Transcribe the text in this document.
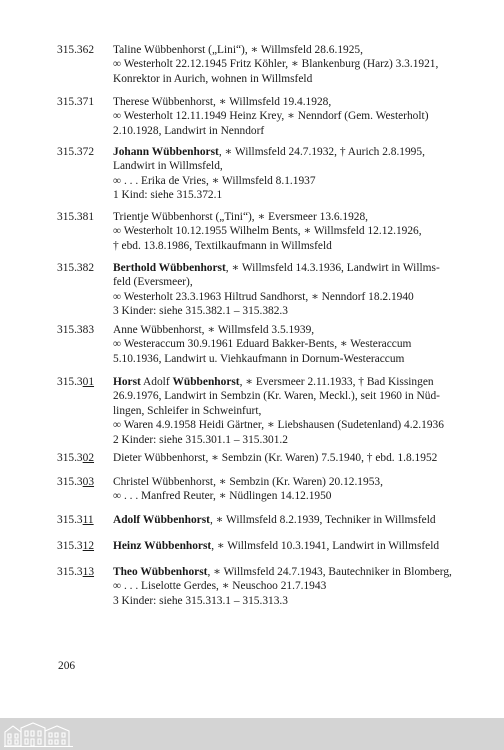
315.362	Taline Wübbenhorst („Lini“), ∗ Willmsfeld 28.6.1925,
∞ Westerholt 22.12.1945 Fritz Köhler, ∗ Blankenburg (Harz) 3.3.1921,
Konrektor in Aurich, wohnen in Willmsfeld
315.371	Therese Wübbenhorst, ∗ Willmsfeld 19.4.1928,
∞ Westerholt 12.11.1949 Heinz Krey, ∗ Nenndorf (Gem. Westerholt)
2.10.1928, Landwirt in Nenndorf
315.372	Johann Wübbenhorst, ∗ Willmsfeld 24.7.1932, † Aurich 2.8.1995,
Landwirt in Willmsfeld,
∞ . . . Erika de Vries, ∗ Willmsfeld 8.1.1937
1 Kind: siehe 315.372.1
315.381	Trientje Wübbenhorst („Tini“), ∗ Eversmeer 13.6.1928,
∞ Westerholt 10.12.1955 Wilhelm Bents, ∗ Willmsfeld 12.12.1926,
† ebd. 13.8.1986, Textilkaufmann in Willmsfeld
315.382	Berthold Wübbenhorst, ∗ Willmsfeld 14.3.1936, Landwirt in Willms-
feld (Eversmeer),
∞ Westerholt 23.3.1963 Hiltrud Sandhorst, ∗ Nenndorf 18.2.1940
3 Kinder: siehe 315.382.1 – 315.382.3
315.383	Anne Wübbenhorst, ∗ Willmsfeld 3.5.1939,
∞ Westeraccum 30.9.1961 Eduard Bakker-Bents, ∗ Westeraccum
5.10.1936, Landwirt u. Viehkaufmann in Dornum-Westeraccum
315.301	Horst Adolf Wübbenhorst, ∗ Eversmeer 2.11.1933, † Bad Kissingen
26.9.1976, Landwirt in Sembzin (Kr. Waren, Meckl.), seit 1960 in Nüd-
lingen, Schleifer in Schweinfurt,
∞ Waren 4.9.1958 Heidi Gärtner, ∗ Liebshausen (Sudetenland) 4.2.1936
2 Kinder: siehe 315.301.1 – 315.301.2
315.302	Dieter Wübbenhorst, ∗ Sembzin (Kr. Waren) 7.5.1940, † ebd. 1.8.1952
315.303	Christel Wübbenhorst, ∗ Sembzin (Kr. Waren) 20.12.1953,
∞ . . . Manfred Reuter, ∗ Nüdlingen 14.12.1950
315.311	Adolf Wübbenhorst, ∗ Willmsfeld 8.2.1939, Techniker in Willmsfeld
315.312	Heinz Wübbenhorst, ∗ Willmsfeld 10.3.1941, Landwirt in Willmsfeld
315.313	Theo Wübbenhorst, ∗ Willmsfeld 24.7.1943, Bautechniker in Blomberg,
∞ . . . Liselotte Gerdes, ∗ Neuschoo 21.7.1943
3 Kinder: siehe 315.313.1 – 315.313.3
206
